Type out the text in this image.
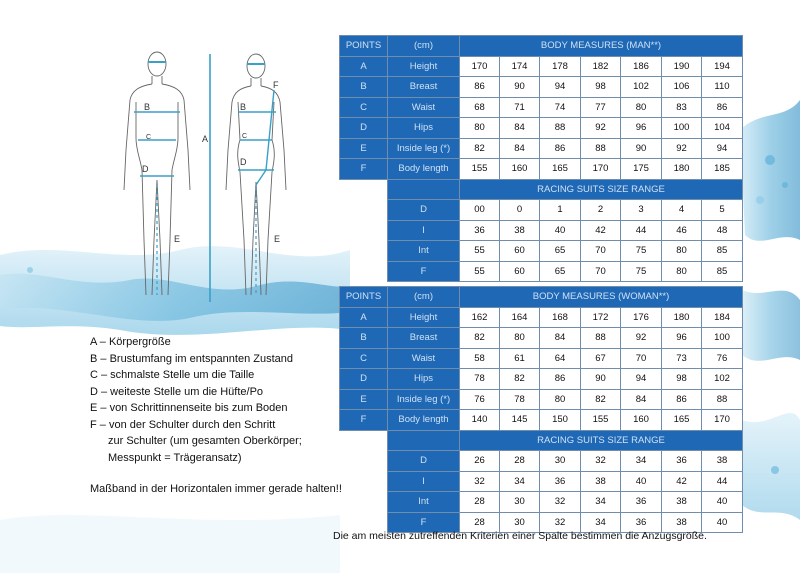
B
C
D
A
E
B
C
D
F
E
POINTS	(cm)	BODY MEASURES (MAN**)						
A	Height	170	174	178	182	186	190	194
B	Breast	86	90	94	98	102	106	110
C	Waist	68	71	74	77	80	83	86
D	Hips	80	84	88	92	96	100	104
E	Inside leg (*)	82	84	86	88	90	92	94
F	Body length	155	160	165	170	175	180	185
		RACING SUITS SIZE RANGE						
	D	00	0	1	2	3	4	5
	I	36	38	40	42	44	46	48
	Int	55	60	65	70	75	80	85
	F	55	60	65	70	75	80	85
POINTS	(cm)	BODY MEASURES (WOMAN**)						
A	Height	162	164	168	172	176	180	184
B	Breast	82	80	84	88	92	96	100
C	Waist	58	61	64	67	70	73	76
D	Hips	78	82	86	90	94	98	102
E	Inside leg (*)	76	78	80	82	84	86	88
F	Body length	140	145	150	155	160	165	170
		RACING SUITS SIZE RANGE						
	D	26	28	30	32	34	36	38
	I	32	34	36	38	40	42	44
	Int	28	30	32	34	36	38	40
	F	28	30	32	34	36	38	40
A – Körpergröße
B – Brustumfang im entspannten Zustand
C – schmalste Stelle um die Taille
D – weiteste Stelle um die Hüfte/Po
E – von Schrittinnenseite bis zum Boden
F – von der Schulter durch den Schritt
zur Schulter (um gesamten Oberkörper;
Messpunkt = Trägeransatz)
Maßband in der Horizontalen immer gerade halten!!
Die am meisten zutreffenden Kriterien einer Spalte bestimmen die Anzugsgröße.
